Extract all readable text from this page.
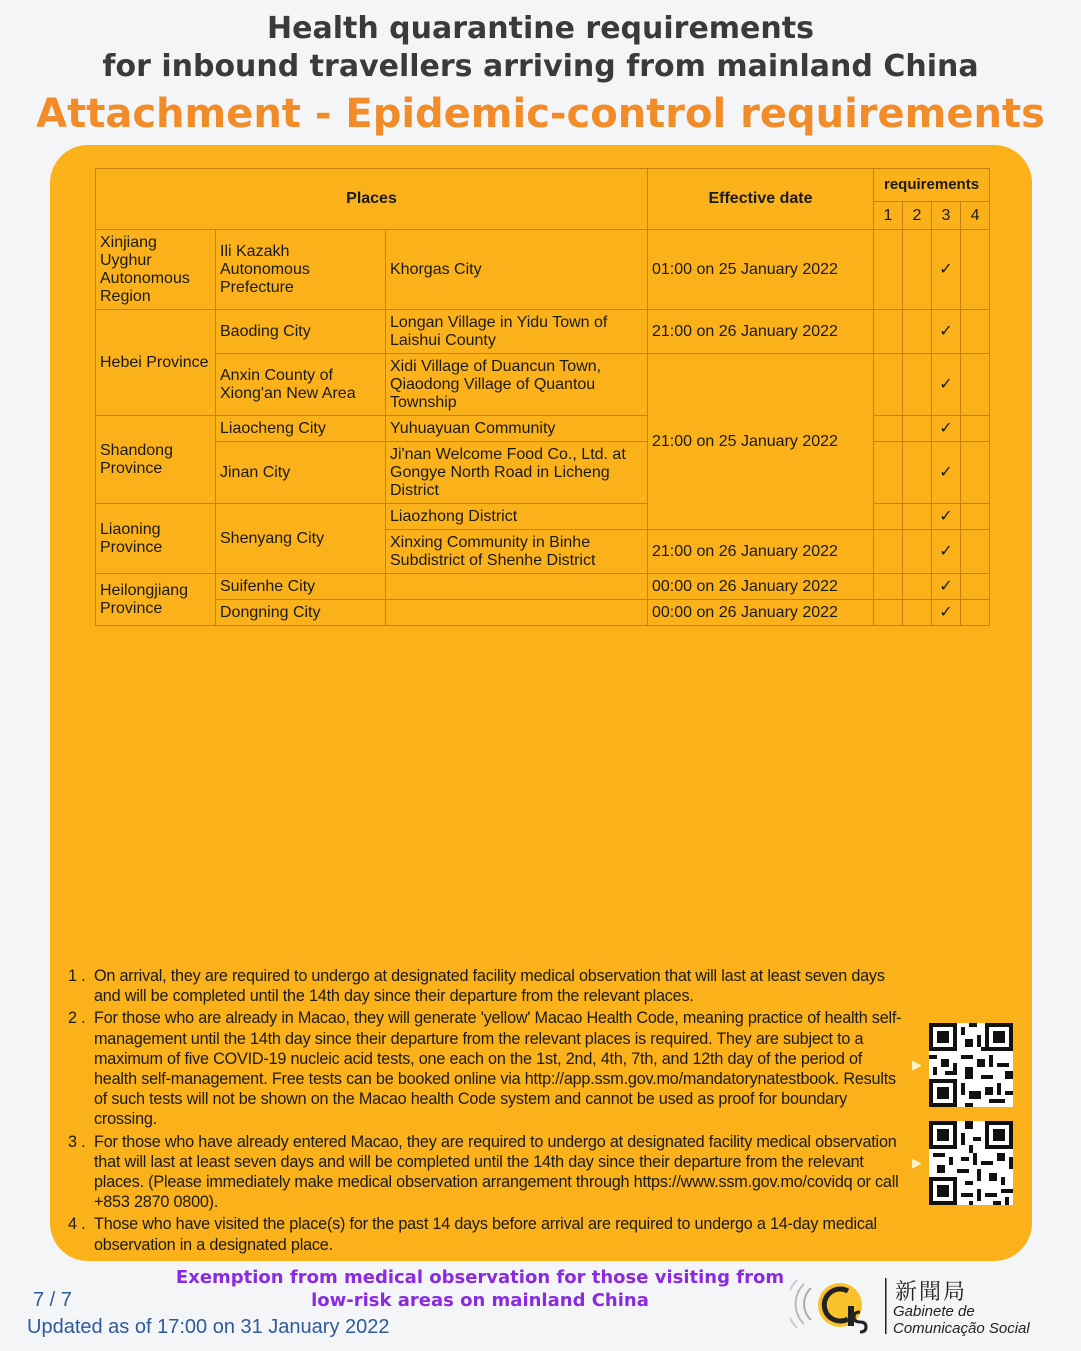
Health quarantine requirements
for inbound travellers arriving from mainland China
Attachment - Epidemic-control requirements
Places			Effective date	requirements			
				1	2	3	4
Xinjiang Uyghur Autonomous Region	Ili Kazakh Autonomous Prefecture	Khorgas City	01:00 on 25 January 2022			✓	
Hebei Province	Baoding City	Longan Village in Yidu Town of Laishui County	21:00 on 26 January 2022			✓	
	Anxin County of Xiong'an New Area	Xidi Village of Duancun Town, Qiaodong Village of Quantou Township	21:00 on 25 January 2022			✓	
Shandong Province	Liaocheng City	Yuhuayuan Community				✓	
	Jinan City	Ji'nan Welcome Food Co., Ltd. at Gongye North Road in Licheng District				✓	
Liaoning Province	Shenyang City	Liaozhong District				✓	
		Xinxing Community in Binhe Subdistrict of Shenhe District	21:00 on 26 January 2022			✓	
Heilongjiang Province	Suifenhe City		00:00 on 26 January 2022			✓	
	Dongning City		00:00 on 26 January 2022			✓	
1 . On arrival, they are required to undergo at designated facility medical observation that will last at least seven days and will be completed until the 14th day since their departure from the relevant places.
2 . For those who are already in Macao, they will generate 'yellow' Macao Health Code, meaning practice of health self-management until the 14th day since their departure from the relevant places is required. They are subject to a maximum of five COVID-19 nucleic acid tests, one each on the 1st, 2nd, 4th, 7th, and 12th day of the period of health self-management. Free tests can be booked online via http://app.ssm.gov.mo/mandatorynatestbook. Results of such tests will not be shown on the Macao health Code system and cannot be used as proof for boundary crossing.
3 . For those who have already entered Macao, they are required to undergo at designated facility medical observation that will last at least seven days and will be completed until the 14th day since their departure from the relevant places. (Please immediately make medical observation arrangement through https://www.ssm.gov.mo/covidq or call +853 2870 0800).
4 . Those who have visited the place(s) for the past 14 days before arrival are required to undergo a 14-day medical observation in a designated place.
▶
▶
Exemption from medical observation for those visiting from low-risk areas on mainland China
7 / 7
Updated as of 17:00 on 31 January 2022
新聞局
Gabinete de
Comunicação Social
